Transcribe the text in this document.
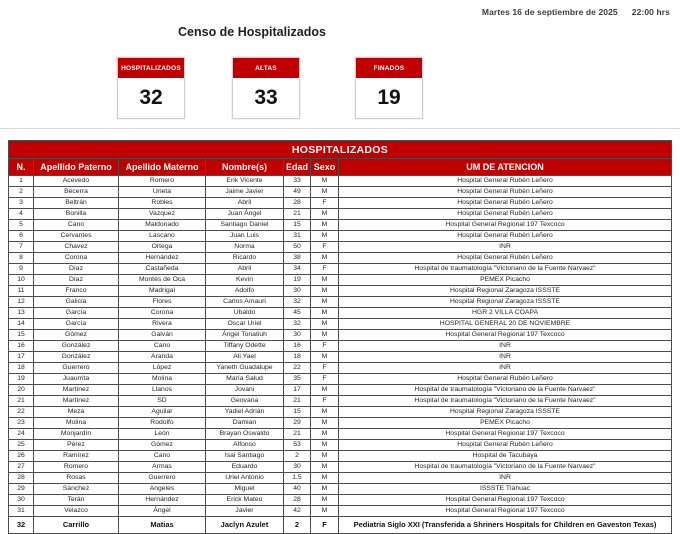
Martes 16 de septiembre de 2025 22:00 hrs
Censo de Hospitalizados
HOSPITALIZADOS
32
ALTAS
33
FINADOS
19
HOSPITALIZADOS						
N.	Apellido Paterno	Apellido Materno	Nombre(s)	Edad	Sexo	UM DE ATENCION
1	Acevedo	Romero	Erik Vicente	33	M	Hospital General Rubén Leñero
2	Becerra	Urieta	Jaime Javier	49	M	Hospital General Rubén Leñero
3	Beltrán	Robles	Abril	28	F	Hospital General Rubén Leñero
4	Bonilla	Vazquez	Juan Ángel	21	M	Hospital General Rubén Leñero
5	Cano	Maldonado	Santiago Daniel	15	M	Hospital General Regional 197 Texcoco
6	Cervantes	Lascano	Juan Luis	31	M	Hospital General Rubén Leñero
7	Chavez	Ortega	Norma	50	F	INR
8	Corona	Hernández	Ricardo	38	M	Hospital General Rubén Leñero
9	Díaz	Castañeda	Abril	34	F	Hospital de traumatología "Victoriano de la Fuente Narvaez"
10	Díaz	Montés de Oca	Kevin	19	M	PEMEX Picacho
11	Franco	Madrigal	Adolfo	30	M	Hospital Regional Zaragoza ISSSTE
12	Galicia	Flores	Carlos Amauri	32	M	Hospital Regional Zaragoza ISSSTE
13	García	Corona	Ubaldo	45	M	HGR 2 VILLA COAPA
14	García	Rivera	Oscar Uriel	32	M	HOSPITAL GENERAL 20 DE NOVIEMBRE
15	Gómez	Galván	Ángel Tonatiuh	30	M	Hospital General Regional 197 Texcoco
16	González	Cano	Tiffany Odette	16	F	INR
17	González	Aranda	Ali Yael	18	M	INR
18	Guerrero	López	Yaneth Guadalupe	22	F	INR
19	Juaurrita	Molina	María Salud	35	F	Hospital General Rubén Leñero
20	Martínez	Llanos	Jovani	17	M	Hospital de traumatología "Victoriano de la Fuente Narvaez"
21	Martínez	SD	Geovana	21	F	Hospital de traumatología "Victoriano de la Fuente Narvaez"
22	Meza	Aguilar	Yadiel Adrián	15	M	Hospital Regional Zaragoza ISSSTE
23	Molina	Rodolfo	Damian	29	M	PEMEX Picacho
24	Monjardín	León	Brayan Oswaldo	21	M	Hospital General Regional 197 Texcoco
25	Pérez	Gómez	Alfonso	53	M	Hospital General Rubén Leñero
26	Ramírez	Cano	Isai Santiago	2	M	Hospital de Tacubaya
27	Romero	Armas	Eduardo	30	M	Hospital de traumatología "Victoriano de la Fuente Narvaez"
28	Rosas	Guerrero	Uriel Antonio	1.5	M	INR
29	Sánchez	Angeles	Miguel	40	M	ISSSTE Tláhuac
30	Terán	Hernández	Erick Mateo	28	M	Hospital General Regional 197 Texcoco
31	Velazco	Ángel	Javier	42	M	Hospital General Regional 197 Texcoco
32	Carrillo	Matias	Jaclyn Azulet	2	F	Pediatria Siglo XXI (Transferida a Shriners Hospitals for Children en Gaveston Texas)
